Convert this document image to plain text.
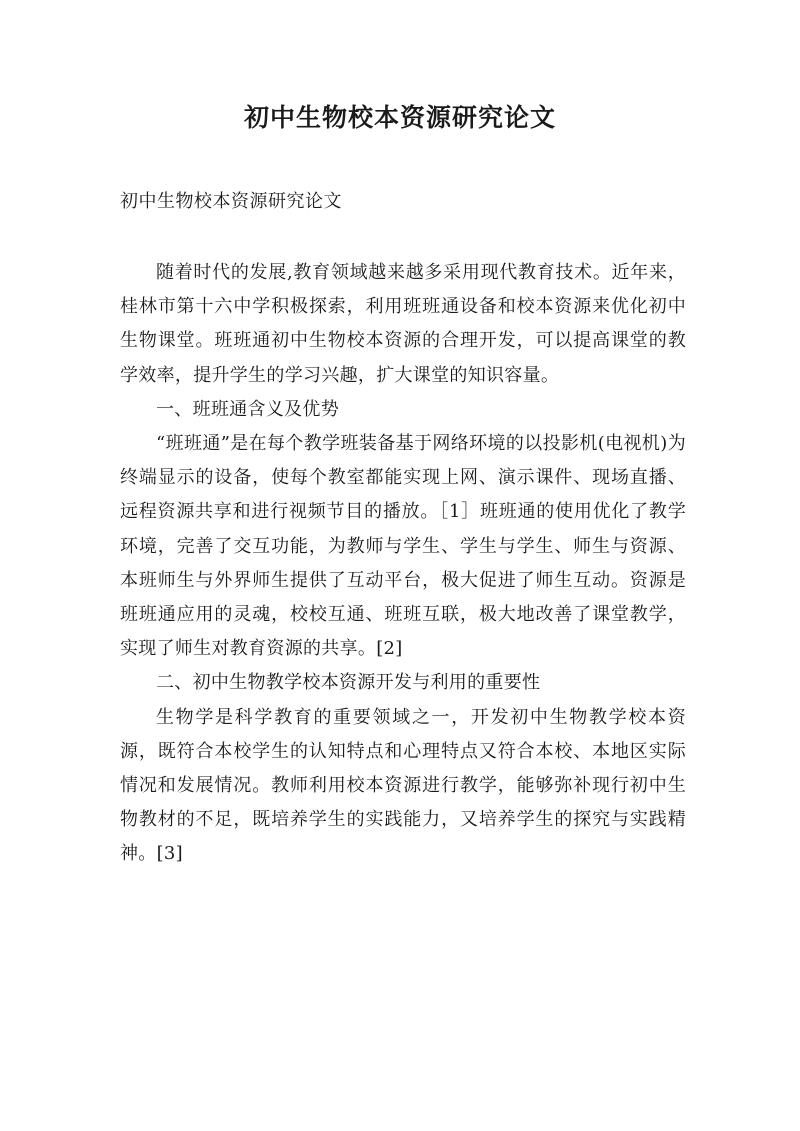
初中生物校本资源研究论文

初中生物校本资源研究论文

随着时代的发展,教育领域越来越多采用现代教育技术。近年来，桂林市第十六中学积极探索，利用班班通设备和校本资源来优化初中生物课堂。班班通初中生物校本资源的合理开发，可以提高课堂的教学效率，提升学生的学习兴趣，扩大课堂的知识容量。

一、班班通含义及优势

“班班通”是在每个教学班装备基于网络环境的以投影机(电视机)为终端显示的设备，使每个教室都能实现上网、演示课件、现场直播、远程资源共享和进行视频节目的播放。［1］班班通的使用优化了教学环境，完善了交互功能，为教师与学生、学生与学生、师生与资源、本班师生与外界师生提供了互动平台，极大促进了师生互动。资源是班班通应用的灵魂，校校互通、班班互联，极大地改善了课堂教学，实现了师生对教育资源的共享。[2]

二、初中生物教学校本资源开发与利用的重要性

生物学是科学教育的重要领域之一，开发初中生物教学校本资源，既符合本校学生的认知特点和心理特点又符合本校、本地区实际情况和发展情况。教师利用校本资源进行教学，能够弥补现行初中生物教材的不足，既培养学生的实践能力，又培养学生的探究与实践精神。[3]
